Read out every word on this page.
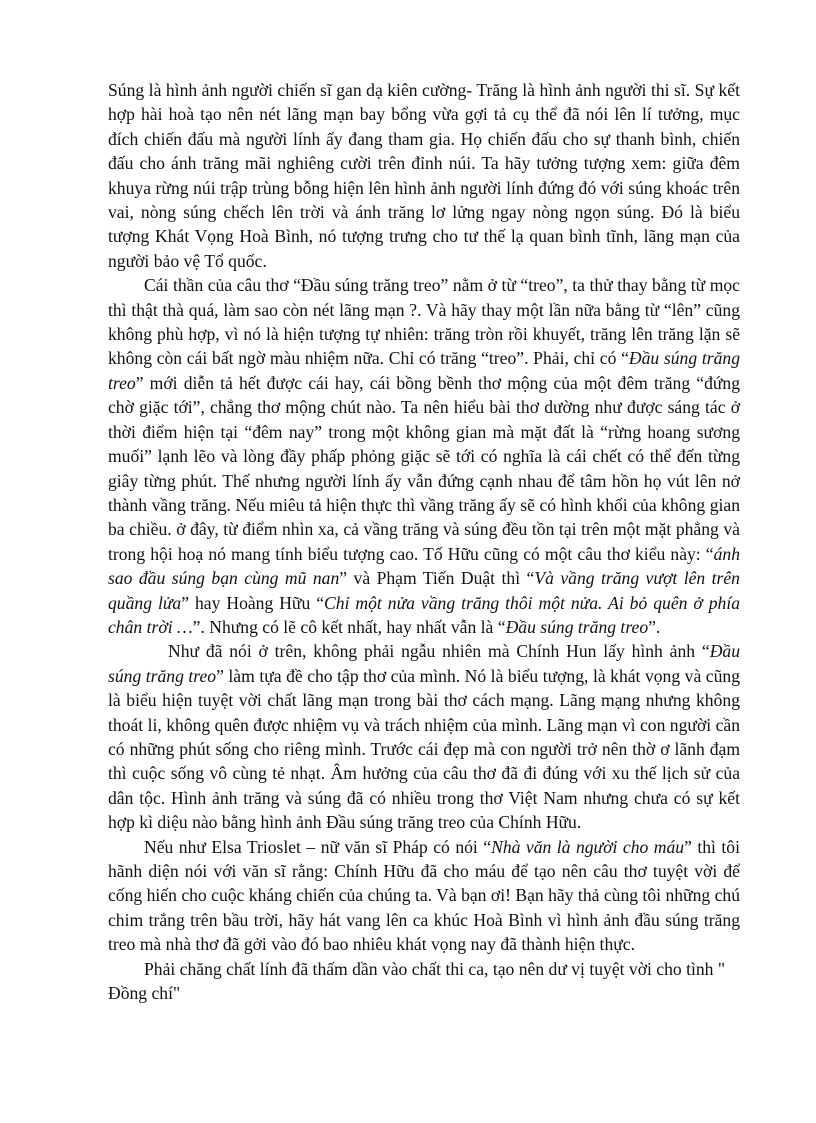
Súng là hình ảnh người chiến sĩ gan dạ kiên cường- Trăng là hình ảnh người thi sĩ. Sự kết hợp hài hoà tạo nên nét lãng mạn bay bổng vừa gợi tả cụ thể đã nói lên lí tưởng, mục đích chiến đấu mà người lính ấy đang tham gia. Họ chiến đấu cho sự thanh bình, chiến đấu cho ánh trăng mãi nghiêng cười trên đỉnh núi. Ta hãy tưởng tượng xem: giữa đêm khuya rừng núi trập trùng bỗng hiện lên hình ảnh người lính đứng đó với súng khoác trên vai, nòng súng chếch lên trời và ánh trăng lơ lửng ngay nòng ngọn súng. Đó là biểu tượng Khát Vọng Hoà Bình, nó tượng trưng cho tư thế lạ quan bình tĩnh, lãng mạn của người bảo vệ Tổ quốc.

Cái thần của câu thơ “Đầu súng trăng treo” nằm ở từ “treo”, ta thử thay bằng từ mọc thì thật thà quá, làm sao còn nét lãng mạn ?. Và hãy thay một lần nữa bằng từ “lên” cũng không phù hợp, vì nó là hiện tượng tự nhiên: trăng tròn rồi khuyết, trăng lên trăng lặn sẽ không còn cái bất ngờ màu nhiệm nữa. Chỉ có trăng “treo”. Phải, chỉ có “Đầu súng trăng treo” mới diễn tả hết được cái hay, cái bồng bềnh thơ mộng của một đêm trăng “đứng chờ giặc tới”, chẳng thơ mộng chút nào. Ta nên hiểu bài thơ dường như được sáng tác ở thời điểm hiện tại “đêm nay” trong một không gian mà mặt đất là “rừng hoang sương muối” lạnh lẽo và lòng đầy phấp phỏng giặc sẽ tới có nghĩa là cái chết có thể đến từng giây từng phút. Thế nhưng người lính ấy vẫn đứng cạnh nhau để tâm hồn họ vút lên nở thành vầng trăng. Nếu miêu tả hiện thực thì vầng trăng ấy sẽ có hình khối của không gian ba chiều. ở đây, từ điểm nhìn xa, cả vầng trăng và súng đều tồn tại trên một mặt phẳng và trong hội hoạ nó mang tính biểu tượng cao. Tố Hữu cũng có một câu thơ kiểu này: “ánh sao đầu súng bạn cùng mũ nan” và Phạm Tiến Duật thì “Và vầng trăng vượt lên trên quầng lửa” hay Hoàng Hữu “Chỉ một nửa vầng trăng thôi một nửa. Ai bỏ quên ở phía chân trời …”. Nhưng có lẽ cô kết nhất, hay nhất vẫn là “Đầu súng trăng treo”.

Như đã nói ở trên, không phải ngẫu nhiên mà Chính Hun lấy hình ảnh “Đầu súng trăng treo” làm tựa đề cho tập thơ của mình. Nó là biểu tượng, là khát vọng và cũng là biểu hiện tuyệt vời chất lãng mạn trong bài thơ cách mạng. Lãng mạng nhưng không thoát li, không quên được nhiệm vụ và trách nhiệm của mình. Lãng mạn vì con người cần có những phút sống cho riêng mình. Trước cái đẹp mà con người trở nên thờ ơ lãnh đạm thì cuộc sống vô cùng tẻ nhạt. Âm hưởng của câu thơ đã đi đúng với xu thế lịch sử của dân tộc. Hình ảnh trăng và súng đã có nhiều trong thơ Việt Nam nhưng chưa có sự kết hợp kì diệu nào bằng hình ảnh Đầu súng trăng treo của Chính Hữu.

Nếu như Elsa Trioslet – nữ văn sĩ Pháp có nói “Nhà văn là người cho máu” thì tôi hãnh diện nói với văn sĩ rằng: Chính Hữu đã cho máu để tạo nên câu thơ tuyệt vời để cống hiến cho cuộc kháng chiến của chúng ta. Và bạn ơi! Bạn hãy thả cùng tôi những chú chim trắng trên bầu trời, hãy hát vang lên ca khúc Hoà Bình vì hình ảnh đầu súng trăng treo mà nhà thơ đã gởi vào đó bao nhiêu khát vọng nay đã thành hiện thực.

Phải chăng chất lính đã thấm dần vào chất thi ca, tạo nên dư vị tuyệt vời cho tình " Đồng chí"
